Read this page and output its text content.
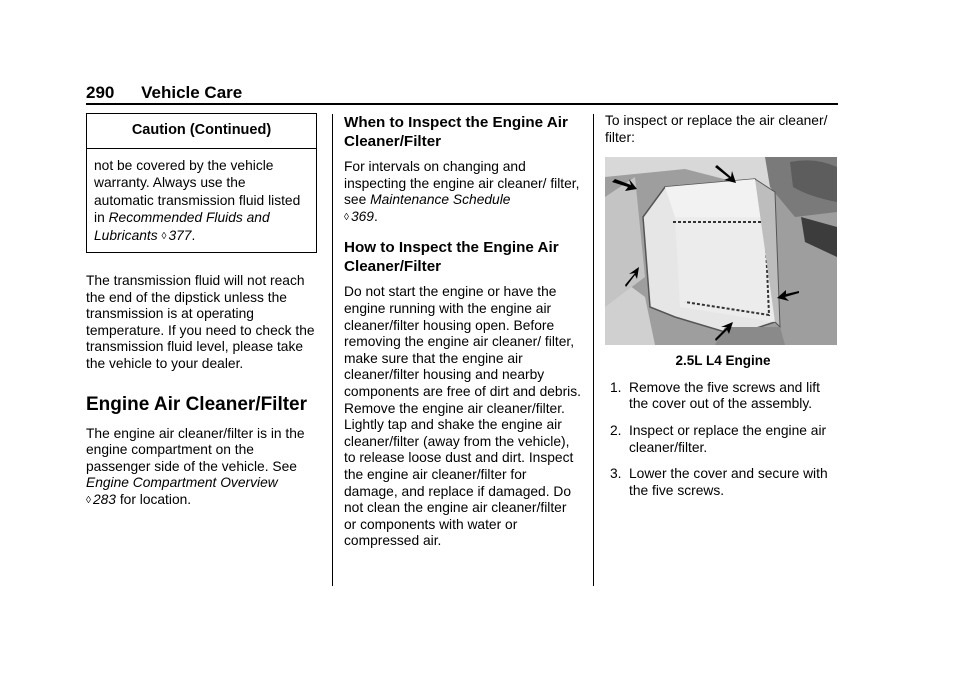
290 Vehicle Care
Caution (Continued)
not be covered by the vehicle warranty. Always use the automatic transmission fluid listed in Recommended Fluids and Lubricants ◊ 377.

The transmission fluid will not reach the end of the dipstick unless the transmission is at operating temperature. If you need to check the transmission fluid level, please take the vehicle to your dealer.

Engine Air Cleaner/Filter

The engine air cleaner/filter is in the engine compartment on the passenger side of the vehicle. See Engine Compartment Overview
◊ 283 for location.

When to Inspect the Engine Air Cleaner/Filter

For intervals on changing and inspecting the engine air cleaner/ filter, see Maintenance Schedule
◊ 369.

How to Inspect the Engine Air Cleaner/Filter

Do not start the engine or have the engine running with the engine air cleaner/filter housing open. Before removing the engine air cleaner/ filter, make sure that the engine air cleaner/filter housing and nearby components are free of dirt and debris. Remove the engine air cleaner/filter. Lightly tap and shake the engine air cleaner/filter (away from the vehicle), to release loose dust and dirt. Inspect the engine air cleaner/filter for damage, and replace if damaged. Do not clean the engine air cleaner/filter or components with water or compressed air.

To inspect or replace the air cleaner/ filter:

2.5L L4 Engine
1. Remove the five screws and lift the cover out of the assembly.
2. Inspect or replace the engine air cleaner/filter.
3. Lower the cover and secure with the five screws.
